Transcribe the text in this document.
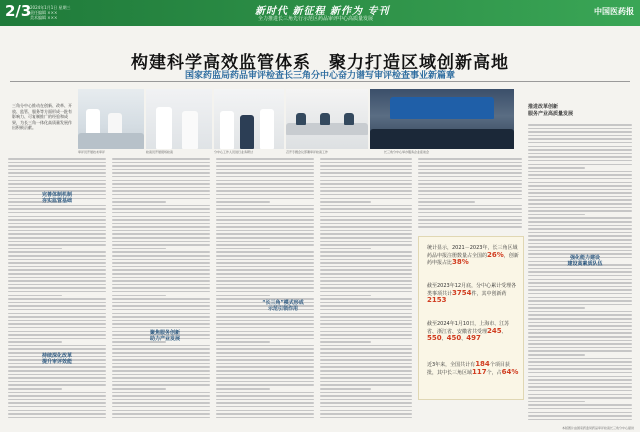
2/3
2024年1月1日 星期三
责任编辑 ×××
美术编辑 ×××
新时代 新征程 新作为 专刊
全力推进长三角先行示范区药品审评中心高质量发展
中国医药报
构建科学高效监管体系　聚力打造区域创新高地
国家药监局药品审评检查长三角分中心奋力谱写审评检查事业新篇章
三角分中心推动在创新、改革、开放、监管、服务等方面形成一批有影响力、可复制推广的经验和成果，为长三角一体化高质量发展作出积极贡献。
审评员开展技术审评	检查员开展现场检查	分中心工作人员进行业务研讨	召开专题会议部署审评检查工作	长三角分中心举办服务企业座谈会
推进改革创新
服务产业高质量发展
完善体制机制
夯实监管基础
持续深化改革
提升审评效能
聚焦服务创新
助力产业发展
强化能力建设
建设高素质队伍
“长三角”模式形成
示范引领作用

统计显示，2021－2023年，长三角区域药品申报注册数量占全国的26%，创新药申报占比38%

截至2023年12月底，分中心累计受理各类事项共计3754件，其中创新药2153

截至2024年1月10日，上海市、江苏省、浙江省、安徽省共受理245、550、450、497

近3年来，全国共计有184个项目获批，其中长三角区域117个，占64%

本版图片由国家药监局药品审评检查长三角分中心提供
